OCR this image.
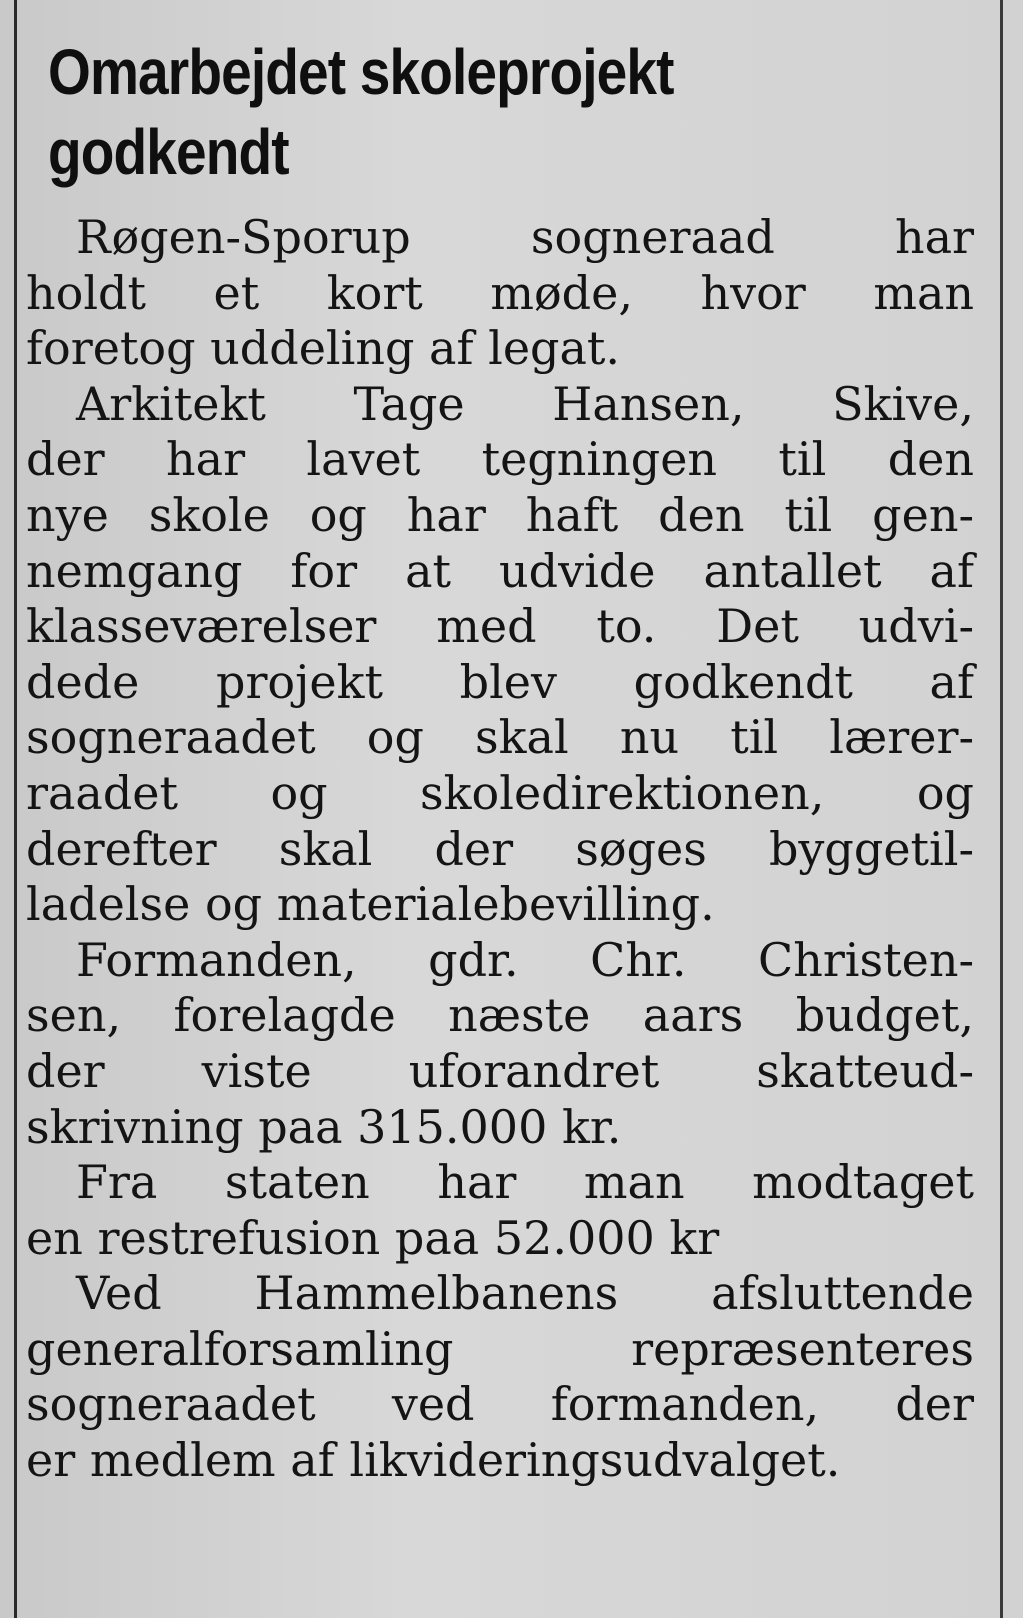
Omarbejdet skoleprojekt
godkendt
Røgen-Sporup sogneraad har
holdt et kort møde, hvor man
foretog uddeling af legat.
Arkitekt Tage Hansen, Skive,
der har lavet tegningen til den
nye skole og har haft den til gen-
nemgang for at udvide antallet af
klasseværelser med to. Det udvi-
dede projekt blev godkendt af
sogneraadet og skal nu til lærer-
raadet og skoledirektionen, og
derefter skal der søges byggetil-
ladelse og materialebevilling.
Formanden, gdr. Chr. Christen-
sen, forelagde næste aars budget,
der viste uforandret skatteud-
skrivning paa 315.000 kr.
Fra staten har man modtaget
en restrefusion paa 52.000 kr
Ved Hammelbanens afsluttende
generalforsamling repræsenteres
sogneraadet ved formanden, der
er medlem af likvideringsudvalget.
